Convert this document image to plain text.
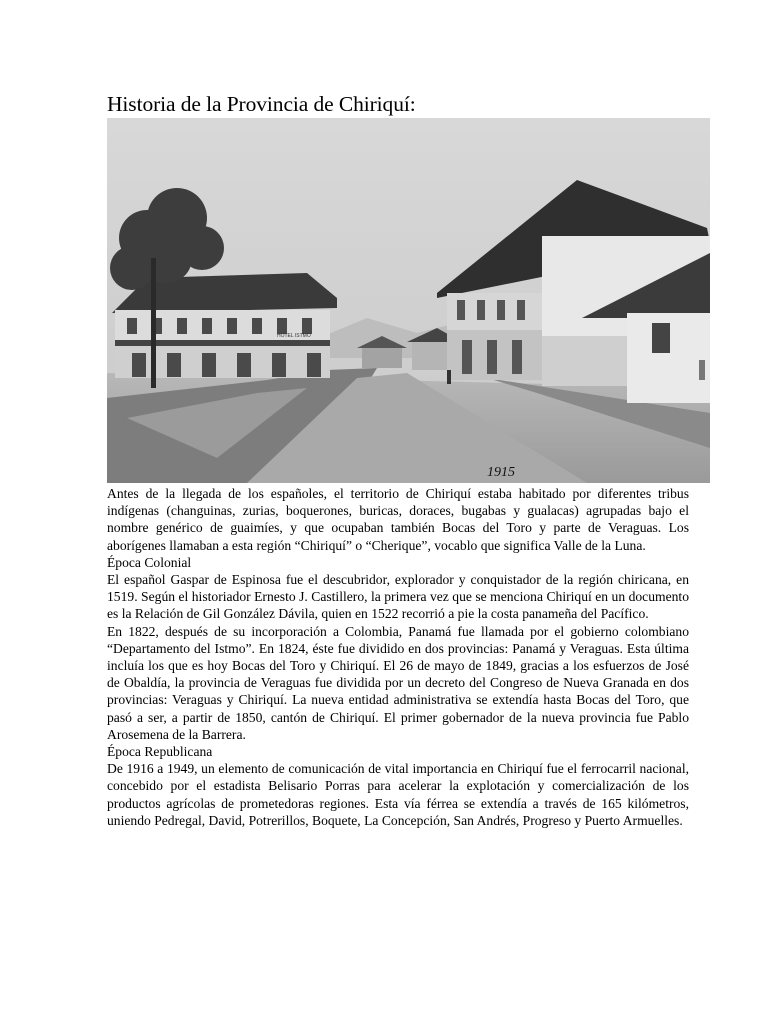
Historia de la Provincia de Chiriquí:
HOTEL ISTMO
1915

Antes de la llegada de los españoles, el territorio de Chiriquí estaba habitado por diferentes tribus indígenas (changuinas, zurias, boquerones, buricas, doraces, bugabas y gualacas) agrupadas bajo el nombre genérico de guaimíes, y que ocupaban también Bocas del Toro y parte de Veraguas. Los aborígenes llamaban a esta región “Chiriquí” o “Cherique”, vocablo que significa Valle de la Luna.

Época Colonial

El español Gaspar de Espinosa fue el descubridor, explorador y conquistador de la región chiricana, en 1519. Según el historiador Ernesto J. Castillero, la primera vez que se menciona Chiriquí en un documento es la Relación de Gil González Dávila, quien en 1522 recorrió a pie la costa panameña del Pacífico.

En 1822, después de su incorporación a Colombia, Panamá fue llamada por el gobierno colombiano “Departamento del Istmo”. En 1824, éste fue dividido en dos provincias: Panamá y Veraguas. Esta última incluía los que es hoy Bocas del Toro y Chiriquí. El 26 de mayo de 1849, gracias a los esfuerzos de José de Obaldía, la provincia de Veraguas fue dividida por un decreto del Congreso de Nueva Granada en dos provincias: Veraguas y Chiriquí. La nueva entidad administrativa se extendía hasta Bocas del Toro, que pasó a ser, a partir de 1850, cantón de Chiriquí. El primer gobernador de la nueva provincia fue Pablo Arosemena de la Barrera.

Época Republicana

De 1916 a 1949, un elemento de comunicación de vital importancia en Chiriquí fue el ferrocarril nacional, concebido por el estadista Belisario Porras para acelerar la explotación y comercialización de los productos agrícolas de prometedoras regiones. Esta vía férrea se extendía a través de 165 kilómetros, uniendo Pedregal, David, Potrerillos, Boquete, La Concepción, San Andrés, Progreso y Puerto Armuelles.
